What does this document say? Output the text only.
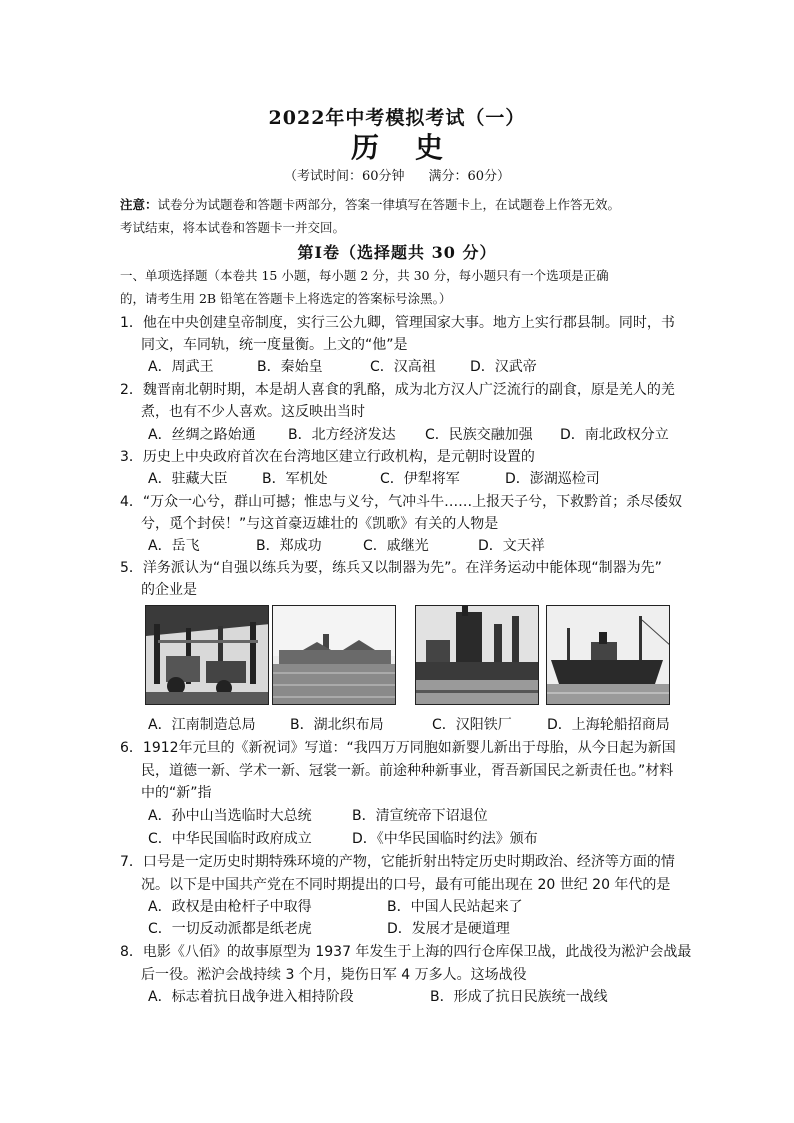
2022年中考模拟考试（一）
历史
（考试时间：60分钟 满分：60分）
注意：试卷分为试题卷和答题卡两部分，答案一律填写在答题卡上，在试题卷上作答无效。
考试结束，将本试卷和答题卡一并交回。
第Ⅰ卷（选择题共 30 分）
一、单项选择题（本卷共 15 小题，每小题 2 分，共 30 分，每小题只有一个选项是正确
的，请考生用 2B 铅笔在答题卡上将选定的答案标号涂黑。）
1．他在中央创建皇帝制度，实行三公九卿，管理国家大事。地方上实行郡县制。同时，书
同文，车同轨，统一度量衡。上文的“他”是
A．周武王	B．秦始皇	C．汉高祖 D．汉武帝
2．魏晋南北朝时期，本是胡人喜食的乳酪，成为北方汉人广泛流行的副食，原是羌人的羌
煮，也有不少人喜欢。这反映出当时
A．丝绸之路始通 B．北方经济发达 C．民族交融加强 D．南北政权分立
3．历史上中央政府首次在台湾地区建立行政机构，是元朝时设置的
A．驻藏大臣 B．军机处	C．伊犁将军	D．澎湖巡检司
4．“万众一心兮，群山可撼；惟忠与义兮，气冲斗牛……上报天子兮，下救黔首；杀尽倭奴
兮，觅个封侯！”与这首豪迈雄壮的《凯歌》有关的人物是
A．岳飞	B．郑成功	C．戚继光	D．文天祥
5．洋务派认为“自强以练兵为要，练兵又以制器为先”。在洋务运动中能体现“制器为先”
的企业是
A．江南制造总局 B．湖北织布局	C．汉阳铁厂	D．上海轮船招商局
6．1912年元旦的《新祝词》写道：“我四万万同胞如新婴儿新出于母胎，从今日起为新国
民，道德一新、学术一新、冠裳一新。前途种种新事业，胥吾新国民之新责任也。”材料
中的“新”指
A．孙中山当选临时大总统	B．清宣统帝下诏退位
C．中华民国临时政府成立	D．《中华民国临时约法》颁布
7．口号是一定历史时期特殊环境的产物，它能折射出特定历史时期政治、经济等方面的情
况。以下是中国共产党在不同时期提出的口号，最有可能出现在 20 世纪 20 年代的是
A．政权是由枪杆子中取得	B．中国人民站起来了
C．一切反动派都是纸老虎	D．发展才是硬道理
8．电影《八佰》的故事原型为 1937 年发生于上海的四行仓库保卫战，此战役为淞沪会战最
后一役。淞沪会战持续 3 个月，毙伤日军 4 万多人。这场战役
A．标志着抗日战争进入相持阶段	B．形成了抗日民族统一战线
